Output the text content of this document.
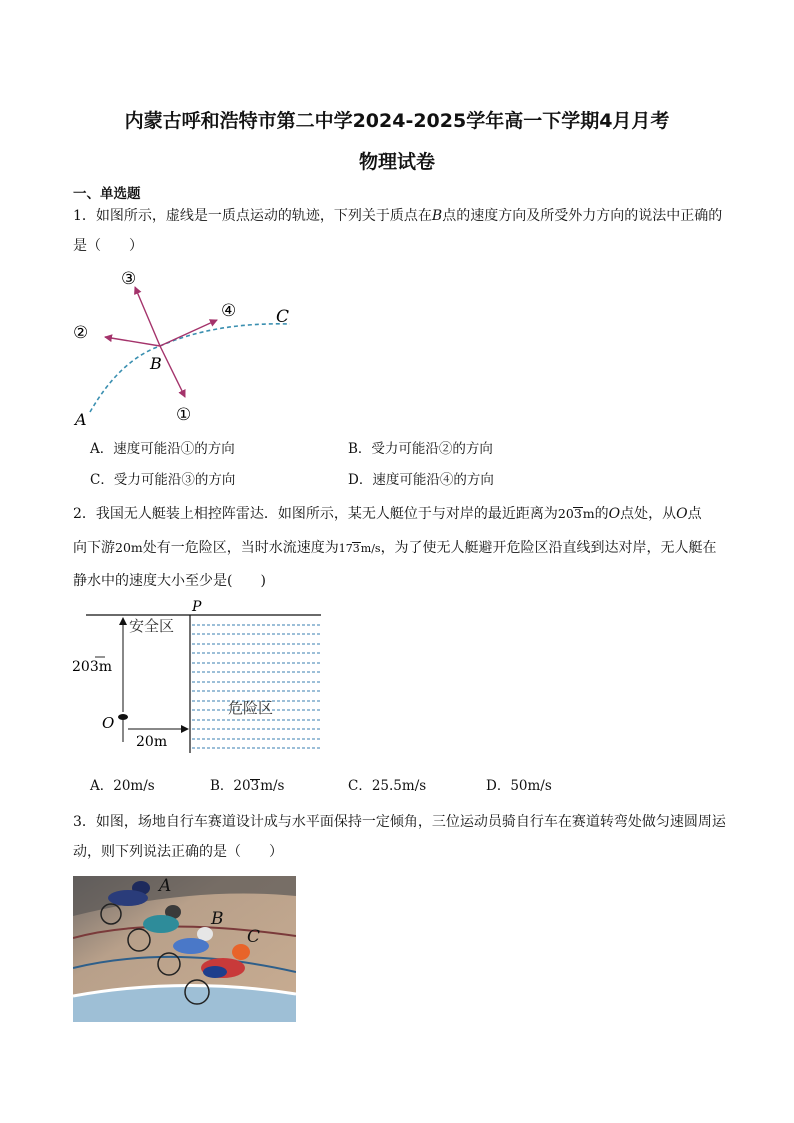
内蒙古呼和浩特市第二中学2024-2025学年高一下学期4月月考
物理试卷
一、单选题
1．如图所示，虚线是一质点运动的轨迹，下列关于质点在B点的速度方向及所受外力方向的说法中正确的
是（　　）
③
②
④
①
A
B
C
A．速度可能沿①的方向	B．受力可能沿②的方向
C．受力可能沿③的方向	D．速度可能沿④的方向
2．我国无人艇装上相控阵雷达．如图所示，某无人艇位于与对岸的最近距离为203m的O点处，从O点
向下游20m处有一危险区，当时水流速度为173m/s，为了使无人艇避开危险区沿直线到达对岸，无人艇在
静水中的速度大小至少是(　　)
P
安全区
危险区
203m
O
20m
A．20m/s	B．203m/s	C．25.5m/s	D．50m/s
3．如图，场地自行车赛道设计成与水平面保持一定倾角，三位运动员骑自行车在赛道转弯处做匀速圆周运
动，则下列说法正确的是（　　）
A
B
C
